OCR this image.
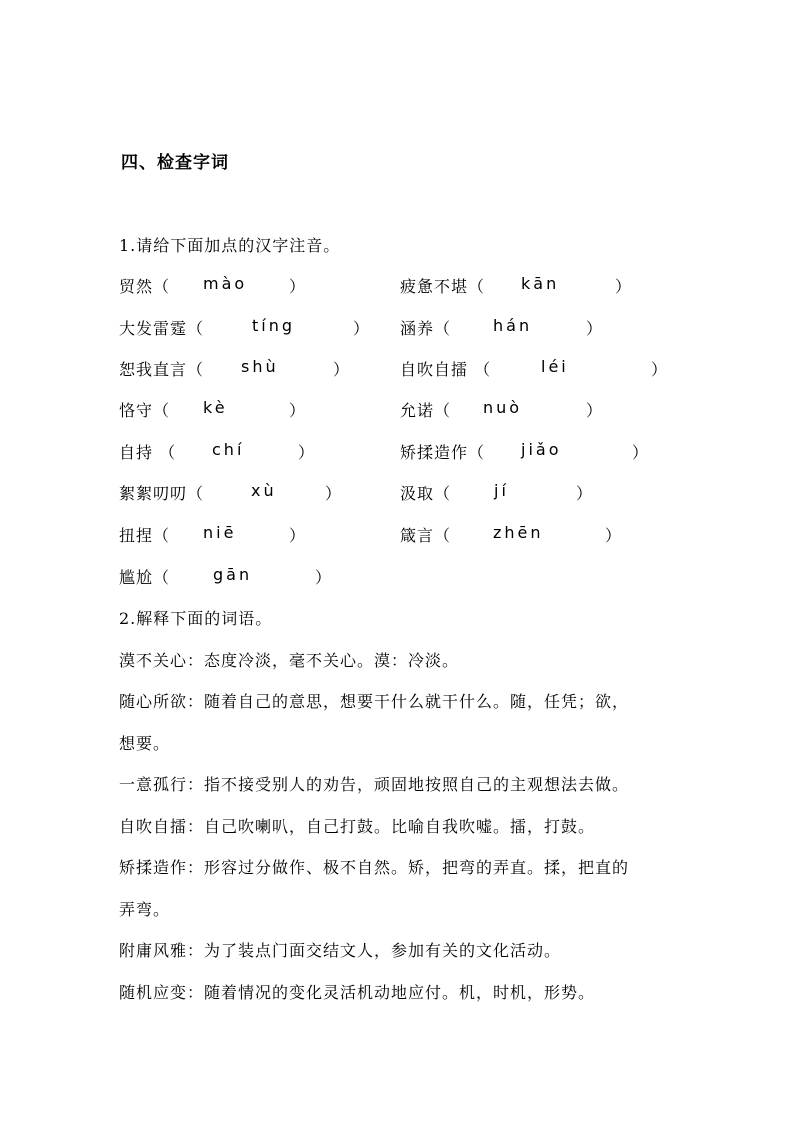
四、检查字词
1.请给下面加点的汉字注音。
贸然（ mào	）	疲惫不堪（ kān	）
大发雷霆（	tíng	） 涵养（	hán	）
恕我直言（ shù	）	自吹自擂 （	léi	）
恪守（ kè	）	允诺（ nuò	）
自持 （ chí	）	矫揉造作（ jiǎo	）
絮絮叨叨（	xù	）	汲取（	jí	）
扭捏（ niē	）	箴言（	zhēn	）
尴尬（	gān	）
2.解释下面的词语。
漠不关心：态度冷淡，毫不关心。漠：冷淡。
随心所欲：随着自己的意思，想要干什么就干什么。随，任凭；欲，
想要。
一意孤行：指不接受别人的劝告，顽固地按照自己的主观想法去做。
自吹自擂：自己吹喇叭，自己打鼓。比喻自我吹嘘。擂，打鼓。
矫揉造作：形容过分做作、极不自然。矫，把弯的弄直。揉，把直的
弄弯。
附庸风雅：为了装点门面交结文人，参加有关的文化活动。
随机应变：随着情况的变化灵活机动地应付。机，时机，形势。
